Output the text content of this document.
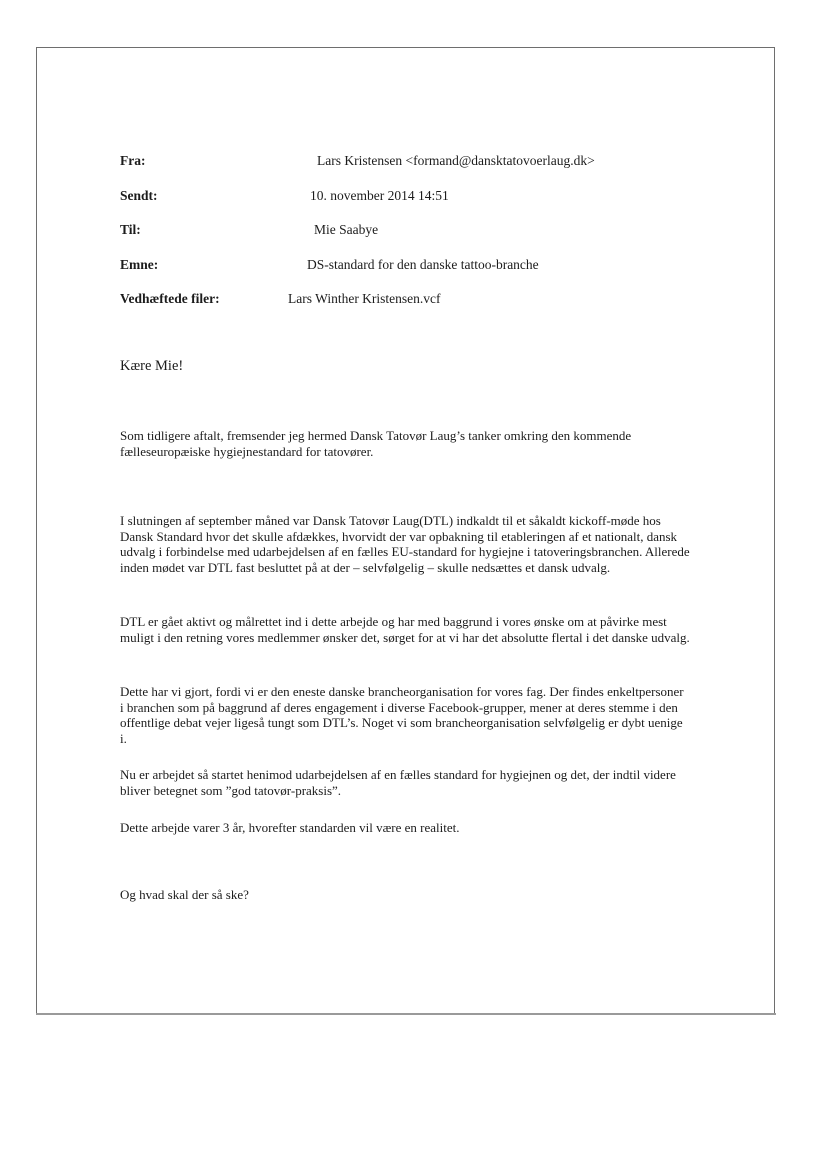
Fra:	Lars Kristensen <formand@dansktatovoerlaug.dk>
Sendt:	10. november 2014 14:51
Til:	Mie Saabye
Emne:	DS-standard for den danske tattoo-branche
Vedhæftede filer:	Lars Winther Kristensen.vcf

Kære Mie!

Som tidligere aftalt, fremsender jeg hermed Dansk Tatovør Laug’s tanker omkring den kommende fælleseuropæiske hygiejnestandard for tatovører.

I slutningen af september måned var Dansk Tatovør Laug(DTL) indkaldt til et såkaldt kickoff-møde hos Dansk Standard hvor det skulle afdækkes, hvorvidt der var opbakning til etableringen af et nationalt, dansk udvalg i forbindelse med udarbejdelsen af en fælles EU-standard for hygiejne i tatoveringsbranchen. Allerede inden mødet var DTL fast besluttet på at der – selvfølgelig – skulle nedsættes et dansk udvalg.

DTL er gået aktivt og målrettet ind i dette arbejde og har med baggrund i vores ønske om at påvirke mest muligt i den retning vores medlemmer ønsker det, sørget for at vi har det absolutte flertal i det danske udvalg.

Dette har vi gjort, fordi vi er den eneste danske brancheorganisation for vores fag. Der findes enkeltpersoner i branchen som på baggrund af deres engagement i diverse Facebook-grupper, mener at deres stemme i den offentlige debat vejer ligeså tungt som DTL’s. Noget vi som brancheorganisation selvfølgelig er dybt uenige i.

Nu er arbejdet så startet henimod udarbejdelsen af en fælles standard for hygiejnen og det, der indtil videre bliver betegnet som ”god tatovør-praksis”.

Dette arbejde varer 3 år, hvorefter standarden vil være en realitet.

Og hvad skal der så ske?
